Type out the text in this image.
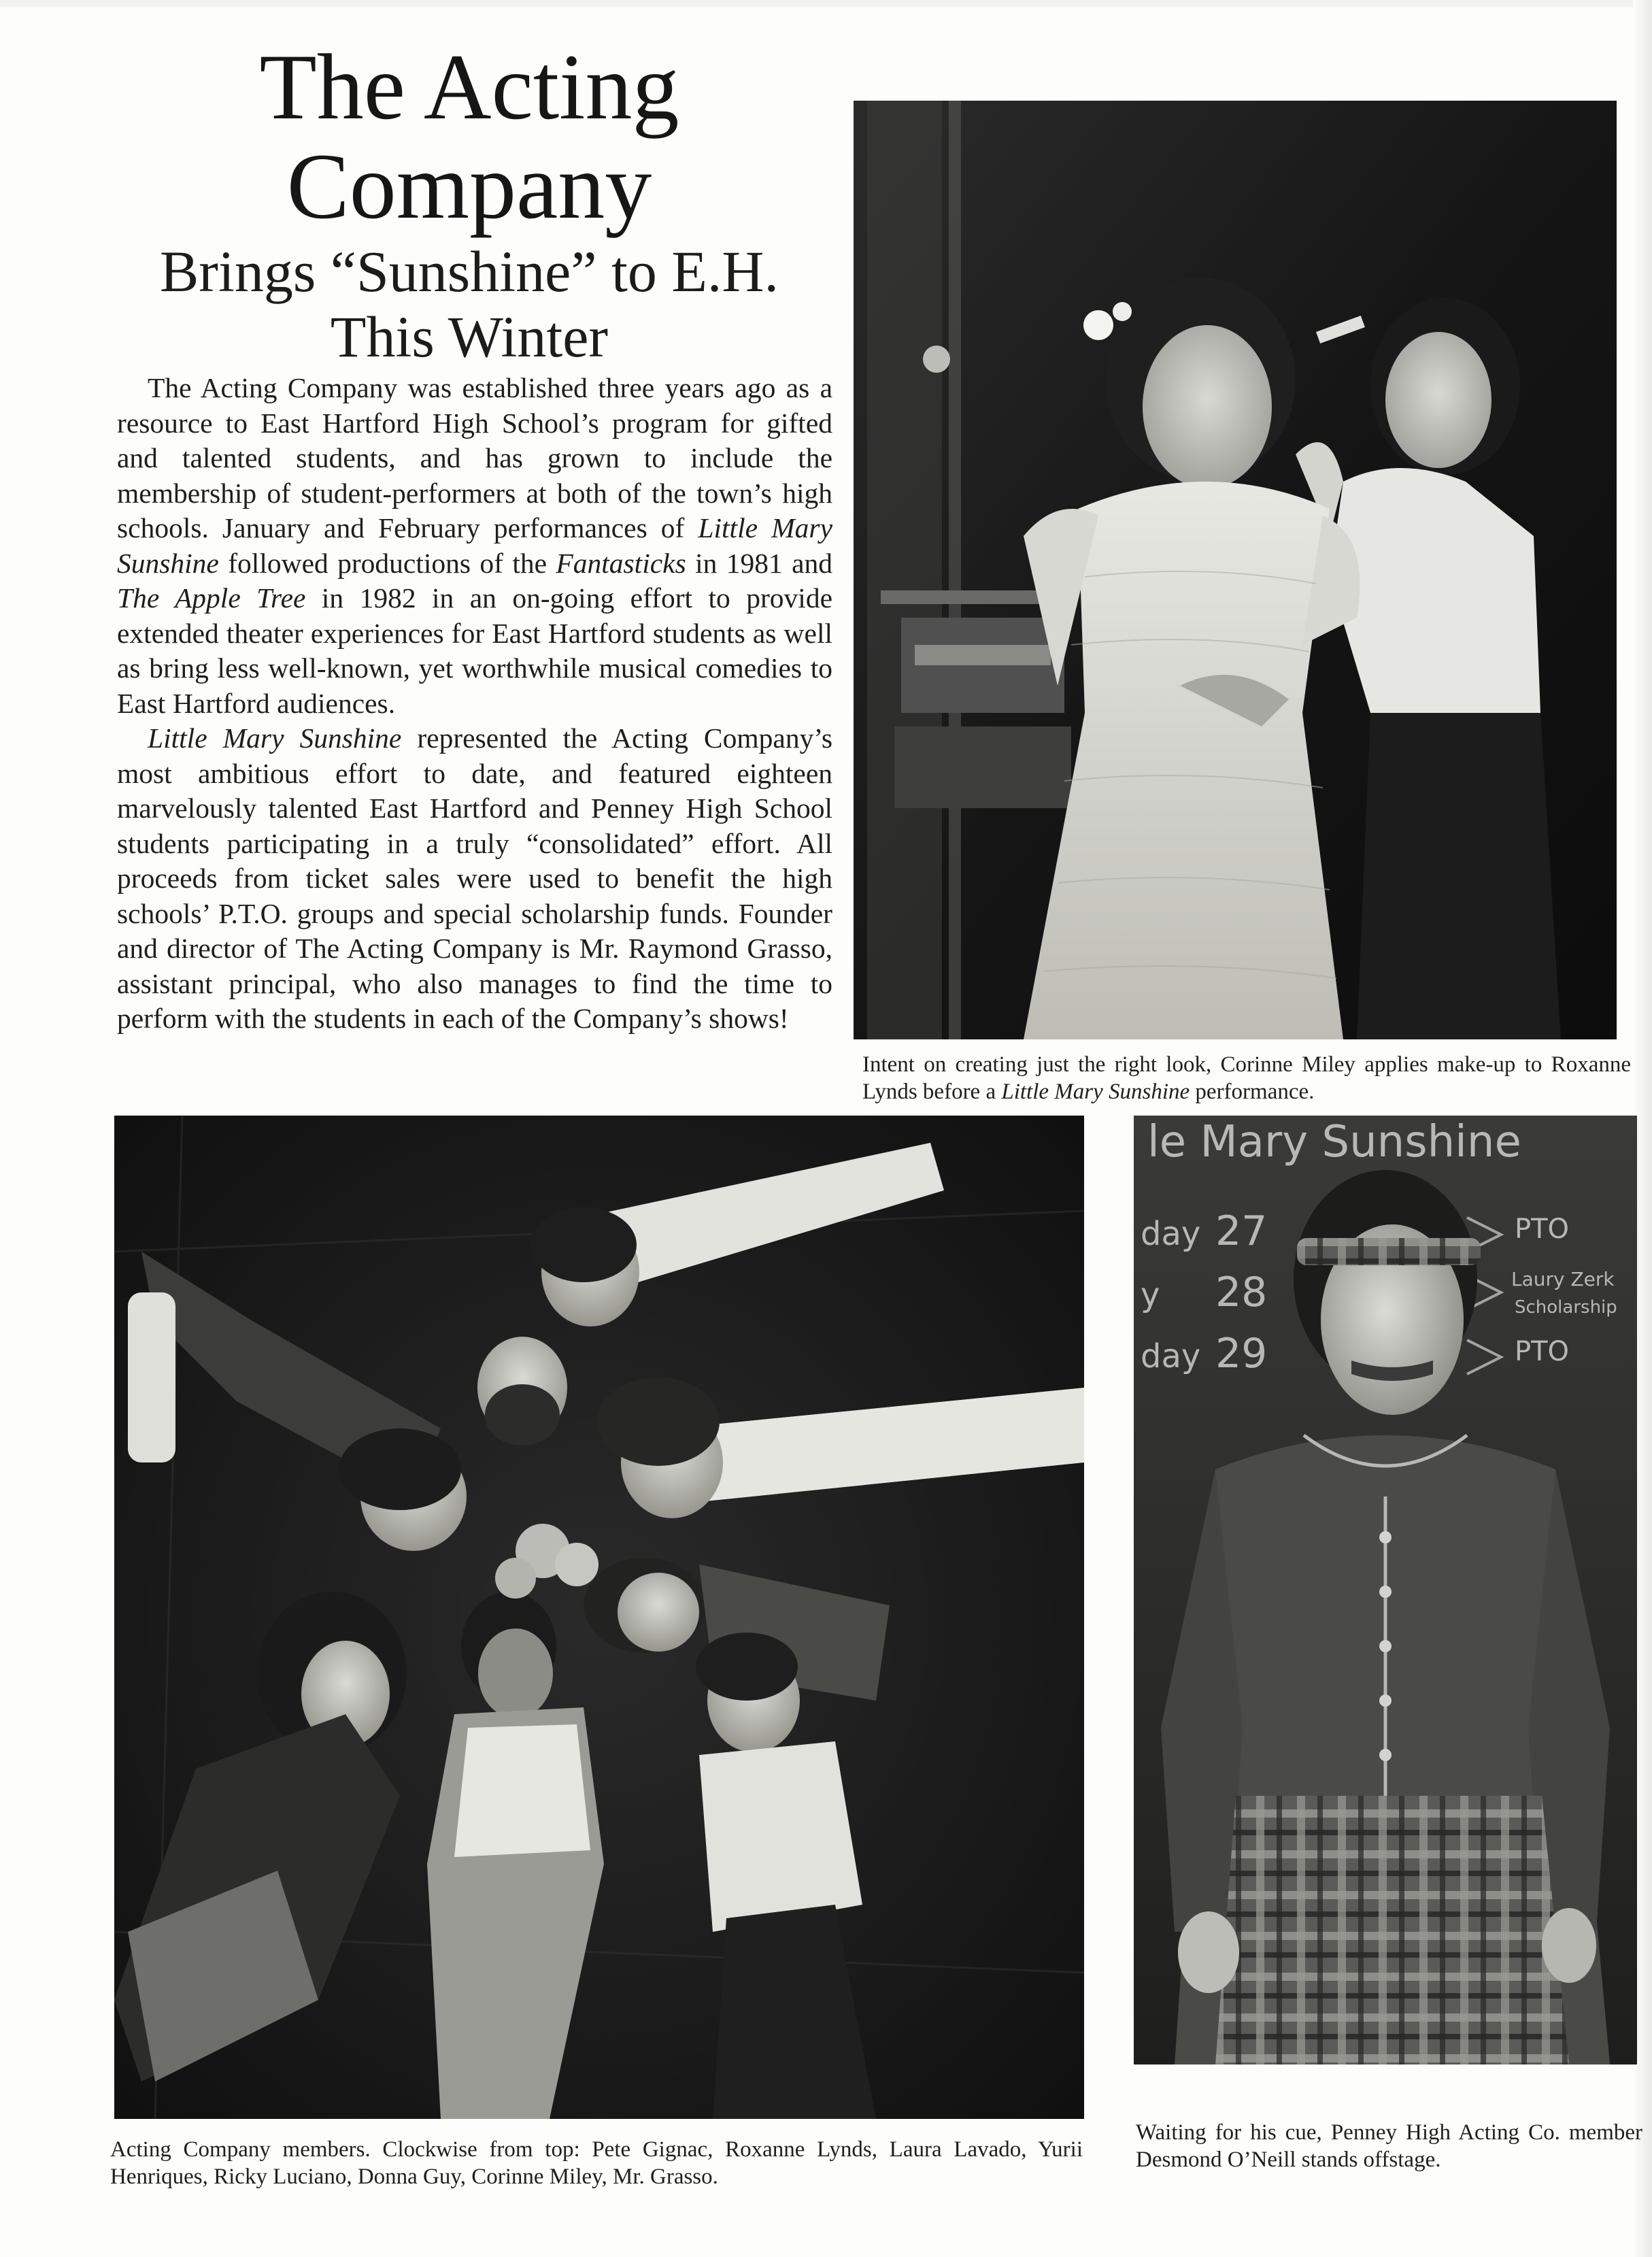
The Acting
Company
Brings “Sunshine” to E.H.
This Winter

The Acting Company was established three years ago as a resource to East Hartford High School’s program for gifted and talented students, and has grown to include the membership of student-performers at both of the town’s high schools. January and February performances of Little Mary Sunshine followed productions of the Fantasticks in 1981 and The Apple Tree in 1982 in an on-going effort to provide extended theater experiences for East Hartford students as well as bring less well-known, yet worthwhile musical comedies to East Hartford audiences.

Little Mary Sunshine represented the Acting Company’s most ambitious effort to date, and featured eighteen marvelously talented East Hartford and Penney High School students participating in a truly “consolidated” effort. All proceeds from ticket sales were used to benefit the high schools’ P.T.O. groups and special scholarship funds. Founder and director of The Acting Company is Mr. Raymond Grasso, assistant principal, who also manages to find the time to perform with the students in each of the Company’s shows!

le Mary Sunshine
day 27	PTO
y 28	Laury Zerk
Scholarship
day 29	PTO
Intent on creating just the right look, Corinne Miley applies make-up to Roxanne Lynds before a Little Mary Sunshine performance.
Acting Company members. Clockwise from top: Pete Gignac, Roxanne Lynds, Laura Lavado, Yurii Henriques, Ricky Luciano, Donna Guy, Corinne Miley, Mr. Grasso.
Waiting for his cue, Penney High Acting Co. member Desmond O’Neill stands offstage.
